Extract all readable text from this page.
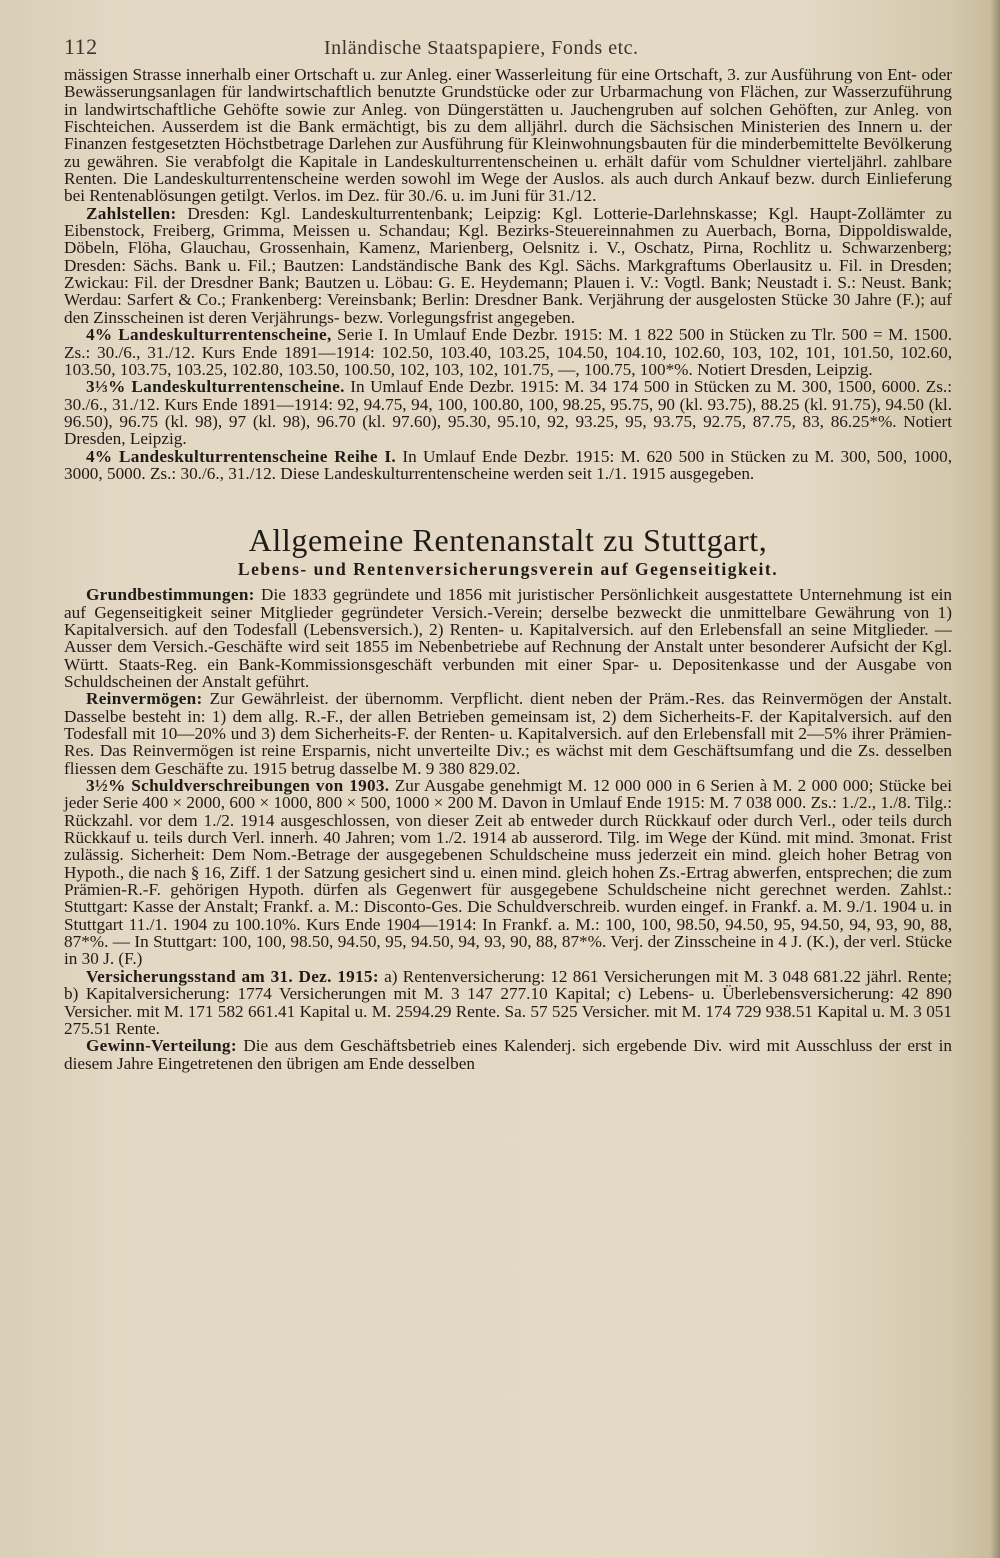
112	Inländische Staatspapiere, Fonds etc.

mässigen Strasse innerhalb einer Ortschaft u. zur Anleg. einer Wasserleitung für eine Ortschaft, 3. zur Ausführung von Ent- oder Bewässerungsanlagen für landwirtschaftlich benutzte Grundstücke oder zur Urbarmachung von Flächen, zur Wasserzuführung in landwirtschaftliche Gehöfte sowie zur Anleg. von Düngerstätten u. Jauchengruben auf solchen Gehöften, zur Anleg. von Fischteichen. Ausserdem ist die Bank ermächtigt, bis zu dem alljährl. durch die Sächsischen Ministerien des Innern u. der Finanzen festgesetzten Höchstbetrage Darlehen zur Ausführung für Kleinwohnungsbauten für die minderbemittelte Bevölkerung zu gewähren. Sie verabfolgt die Kapitale in Landeskulturrentenscheinen u. erhält dafür vom Schuldner vierteljährl. zahlbare Renten. Die Landeskulturrentenscheine werden sowohl im Wege der Auslos. als auch durch Ankauf bezw. durch Einlieferung bei Rentenablösungen getilgt. Verlos. im Dez. für 30./6. u. im Juni für 31./12.

Zahlstellen: Dresden: Kgl. Landeskulturrentenbank; Leipzig: Kgl. Lotterie-Darlehnskasse; Kgl. Haupt-Zollämter zu Eibenstock, Freiberg, Grimma, Meissen u. Schandau; Kgl. Bezirks-Steuereinnahmen zu Auerbach, Borna, Dippoldiswalde, Döbeln, Flöha, Glauchau, Grossenhain, Kamenz, Marienberg, Oelsnitz i. V., Oschatz, Pirna, Rochlitz u. Schwarzenberg; Dresden: Sächs. Bank u. Fil.; Bautzen: Landständische Bank des Kgl. Sächs. Markgraftums Oberlausitz u. Fil. in Dresden; Zwickau: Fil. der Dresdner Bank; Bautzen u. Löbau: G. E. Heydemann; Plauen i. V.: Vogtl. Bank; Neustadt i. S.: Neust. Bank; Werdau: Sarfert & Co.; Frankenberg: Vereinsbank; Berlin: Dresdner Bank. Verjährung der ausgelosten Stücke 30 Jahre (F.); auf den Zinsscheinen ist deren Verjährungs- bezw. Vorlegungsfrist angegeben.

4% Landeskulturrentenscheine, Serie I. In Umlauf Ende Dezbr. 1915: M. 1 822 500 in Stücken zu Tlr. 500 = M. 1500. Zs.: 30./6., 31./12. Kurs Ende 1891—1914: 102.50, 103.40, 103.25, 104.50, 104.10, 102.60, 103, 102, 101, 101.50, 102.60, 103.50, 103.75, 103.25, 102.80, 103.50, 100.50, 102, 103, 102, 101.75, —, 100.75, 100*%. Notiert Dresden, Leipzig.

3⅓% Landeskulturrentenscheine. In Umlauf Ende Dezbr. 1915: M. 34 174 500 in Stücken zu M. 300, 1500, 6000. Zs.: 30./6., 31./12. Kurs Ende 1891—1914: 92, 94.75, 94, 100, 100.80, 100, 98.25, 95.75, 90 (kl. 93.75), 88.25 (kl. 91.75), 94.50 (kl. 96.50), 96.75 (kl. 98), 97 (kl. 98), 96.70 (kl. 97.60), 95.30, 95.10, 92, 93.25, 95, 93.75, 92.75, 87.75, 83, 86.25*%. Notiert Dresden, Leipzig.

4% Landeskulturrentenscheine Reihe I. In Umlauf Ende Dezbr. 1915: M. 620 500 in Stücken zu M. 300, 500, 1000, 3000, 5000. Zs.: 30./6., 31./12. Diese Landeskulturrentenscheine werden seit 1./1. 1915 ausgegeben.

Allgemeine Rentenanstalt zu Stuttgart,
Lebens- und Rentenversicherungsverein auf Gegenseitigkeit.

Grundbestimmungen: Die 1833 gegründete und 1856 mit juristischer Persönlichkeit ausgestattete Unternehmung ist ein auf Gegenseitigkeit seiner Mitglieder gegründeter Versich.-Verein; derselbe bezweckt die unmittelbare Gewährung von 1) Kapitalversich. auf den Todesfall (Lebensversich.), 2) Renten- u. Kapitalversich. auf den Erlebensfall an seine Mitglieder. — Ausser dem Versich.-Geschäfte wird seit 1855 im Nebenbetriebe auf Rechnung der Anstalt unter besonderer Aufsicht der Kgl. Württ. Staats-Reg. ein Bank-Kommissionsgeschäft verbunden mit einer Spar- u. Depositenkasse und der Ausgabe von Schuldscheinen der Anstalt geführt.

Reinvermögen: Zur Gewährleist. der übernomm. Verpflicht. dient neben der Präm.-Res. das Reinvermögen der Anstalt. Dasselbe besteht in: 1) dem allg. R.-F., der allen Betrieben gemeinsam ist, 2) dem Sicherheits-F. der Kapitalversich. auf den Todesfall mit 10—20% und 3) dem Sicherheits-F. der Renten- u. Kapitalversich. auf den Erlebensfall mit 2—5% ihrer Prämien-Res. Das Reinvermögen ist reine Ersparnis, nicht unverteilte Div.; es wächst mit dem Geschäftsumfang und die Zs. desselben fliessen dem Geschäfte zu. 1915 betrug dasselbe M. 9 380 829.02.

3½% Schuldverschreibungen von 1903. Zur Ausgabe genehmigt M. 12 000 000 in 6 Serien à M. 2 000 000; Stücke bei jeder Serie 400 × 2000, 600 × 1000, 800 × 500, 1000 × 200 M. Davon in Umlauf Ende 1915: M. 7 038 000. Zs.: 1./2., 1./8. Tilg.: Rückzahl. vor dem 1./2. 1914 ausgeschlossen, von dieser Zeit ab entweder durch Rückkauf oder durch Verl., oder teils durch Rückkauf u. teils durch Verl. innerh. 40 Jahren; vom 1./2. 1914 ab ausserord. Tilg. im Wege der Künd. mit mind. 3monat. Frist zulässig. Sicherheit: Dem Nom.-Betrage der ausgegebenen Schuldscheine muss jederzeit ein mind. gleich hoher Betrag von Hypoth., die nach § 16, Ziff. 1 der Satzung gesichert sind u. einen mind. gleich hohen Zs.-Ertrag abwerfen, entsprechen; die zum Prämien-R.-F. gehörigen Hypoth. dürfen als Gegenwert für ausgegebene Schuldscheine nicht gerechnet werden. Zahlst.: Stuttgart: Kasse der Anstalt; Frankf. a. M.: Disconto-Ges. Die Schuldverschreib. wurden eingef. in Frankf. a. M. 9./1. 1904 u. in Stuttgart 11./1. 1904 zu 100.10%. Kurs Ende 1904—1914: In Frankf. a. M.: 100, 100, 98.50, 94.50, 95, 94.50, 94, 93, 90, 88, 87*%. — In Stuttgart: 100, 100, 98.50, 94.50, 95, 94.50, 94, 93, 90, 88, 87*%. Verj. der Zinsscheine in 4 J. (K.), der verl. Stücke in 30 J. (F.)

Versicherungsstand am 31. Dez. 1915: a) Rentenversicherung: 12 861 Versicherungen mit M. 3 048 681.22 jährl. Rente; b) Kapitalversicherung: 1774 Versicherungen mit M. 3 147 277.10 Kapital; c) Lebens- u. Überlebensversicherung: 42 890 Versicher. mit M. 171 582 661.41 Kapital u. M. 2594.29 Rente. Sa. 57 525 Versicher. mit M. 174 729 938.51 Kapital u. M. 3 051 275.51 Rente.

Gewinn-Verteilung: Die aus dem Geschäftsbetrieb eines Kalenderj. sich ergebende Div. wird mit Ausschluss der erst in diesem Jahre Eingetretenen den übrigen am Ende desselben
